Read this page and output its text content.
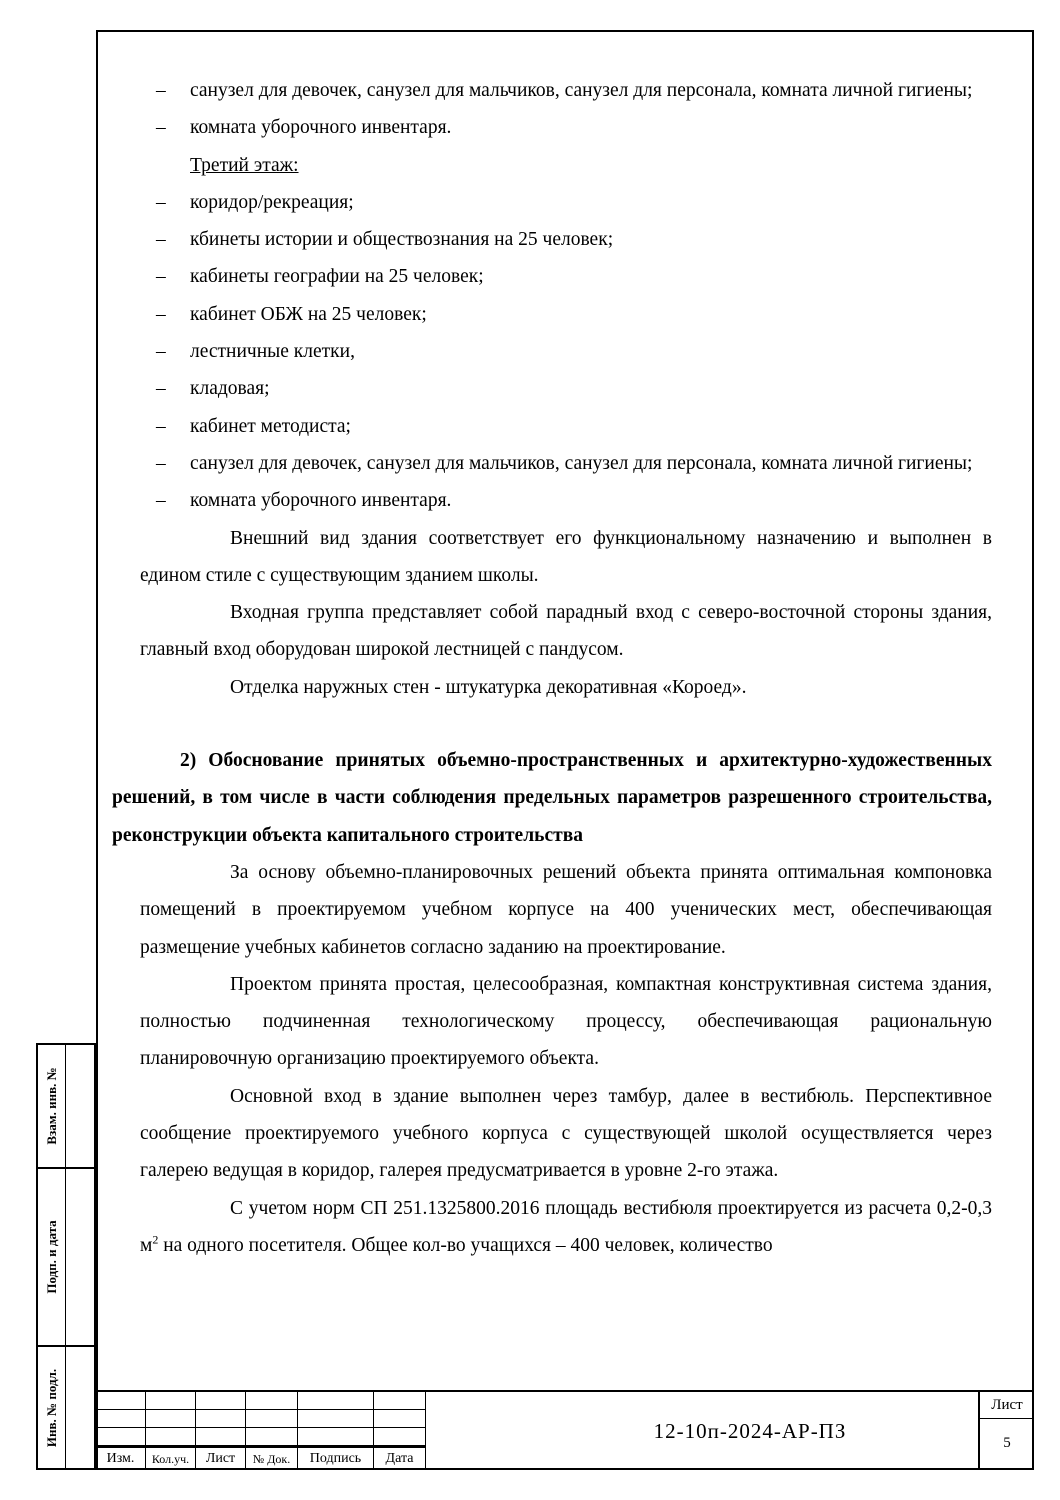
– санузел для девочек, санузел для мальчиков, санузел для персонала, комната личной гигиены;
– комната уборочного инвентаря.
Третий этаж:
– коридор/рекреация;
– кбинеты истории и обществознания на 25 человек;
– кабинеты географии на 25 человек;
– кабинет ОБЖ на 25 человек;
– лестничные клетки,
– кладовая;
– кабинет методиста;
– санузел для девочек, санузел для мальчиков, санузел для персонала, комната личной гигиены;
– комната уборочного инвентаря.

Внешний вид здания соответствует его функциональному назначению и выполнен в едином стиле с существующим зданием школы.

Входная группа представляет собой парадный вход с северо-восточной стороны здания, главный вход оборудован широкой лестницей с пандусом.

Отделка наружных стен - штукатурка декоративная «Короед».

2) Обоснование принятых объемно-пространственных и архитектурно-художественных решений, в том числе в части соблюдения предельных параметров разрешенного строительства, реконструкции объекта капитального строительства

За основу объемно-планировочных решений объекта принята оптимальная компоновка помещений в проектируемом учебном корпусе на 400 ученических мест, обеспечивающая размещение учебных кабинетов согласно заданию на проектирование.

Проектом принята простая, целесообразная, компактная конструктивная система здания, полностью подчиненная технологическому процессу, обеспечивающая рациональную планировочную организацию проектируемого объекта.

Основной вход в здание выполнен через тамбур, далее в вестибюль. Перспективное сообщение проектируемого учебного корпуса с существующей школой осуществляется через галерею ведущая в коридор, галерея предусматривается в уровне 2-го этажа.

С учетом норм СП 251.1325800.2016 площадь вестибюля проектируется из расчета 0,2-0,3 $м^2$ на одного посетителя. Общее кол-во учащихся – 400 человек, количество

Взам. инв. №
Подп. и дата
Инв. № подл.
Изм.	Кол.уч.	Лист	№ Док.	Подпись	Дата
12-10п-2024-АР-ПЗ
Лист
5
